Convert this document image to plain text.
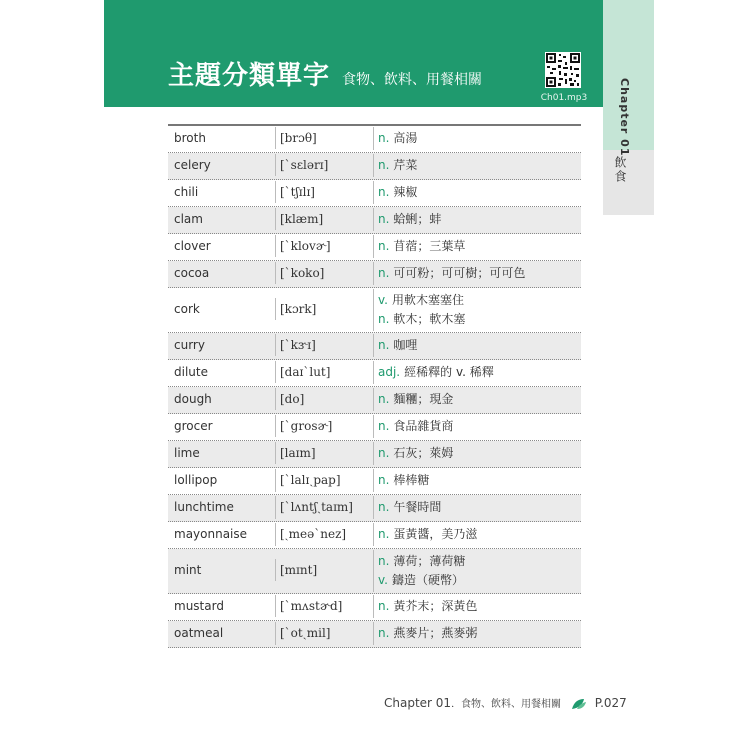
主題分類單字 食物、飲料、用餐相關
Ch01.mp3	Chapter 01
飲食
broth	[brɔθ]	n. 高湯
celery	[ˋsɛlərɪ]	n. 芹菜
chili	[ˋtʃɪlɪ]	n. 辣椒
clam	[klæm]	n. 蛤蜊；蚌
clover	[ˋklovɚ]	n. 苜蓿；三葉草
cocoa	[ˋkoko]	n. 可可粉；可可樹；可可色
cork	[kɔrk]
v. 用軟木塞塞住
n. 軟木；軟木塞
curry	[ˋkɝɪ]	n. 咖哩
dilute	[daɪˋlut]	adj. 經稀釋的 v. 稀釋
dough	[do]	n. 麵糰；現金
grocer	[ˋgrosɚ]	n. 食品雜貨商
lime	[laɪm]	n. 石灰；萊姆
lollipop	[ˋlalɪˏpap]	n. 棒棒糖
lunchtime	[ˋlʌntʃˏtaɪm] n. 午餐時間
mayonnaise	[ˏmeəˋnez]	n. 蛋黃醬，美乃滋
mint	[mɪnt]
n. 薄荷；薄荷糖
v. 鑄造（硬幣）
mustard	[ˋmʌstɚd]	n. 黃芥末；深黃色
oatmeal	[ˋotˏmil]	n. 燕麥片；燕麥粥
Chapter 01．食物、飲料、用餐相關	P.027
